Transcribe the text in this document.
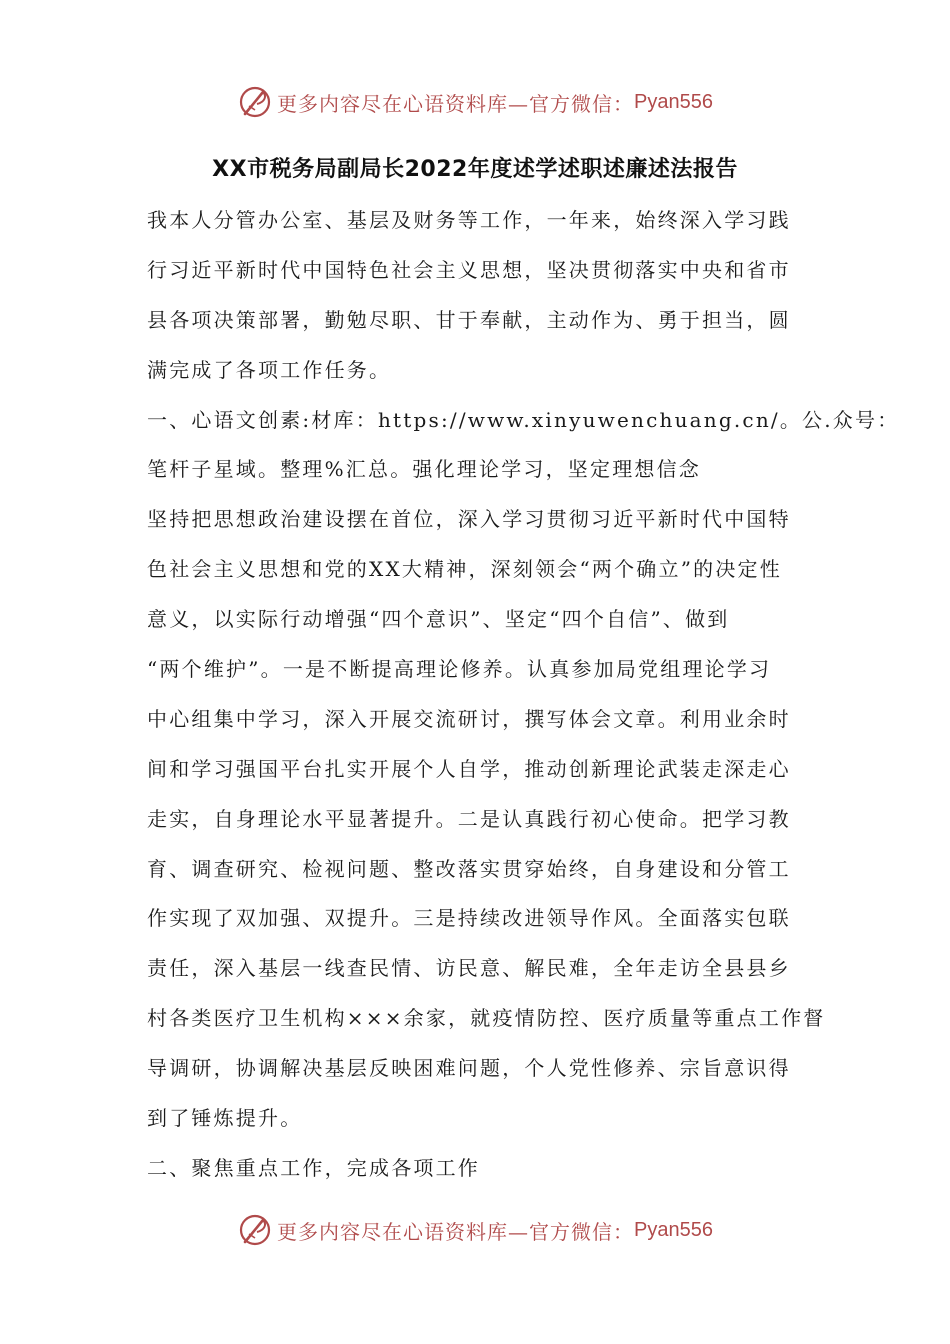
更多内容尽在心语资料库—官方微信： Pyan556
XX市税务局副局长2022年度述学述职述廉述法报告
我本人分管办公室、基层及财务等工作，一年来，始终深入学习践
行习近平新时代中国特色社会主义思想，坚决贯彻落实中央和省市
县各项决策部署，勤勉尽职、甘于奉献，主动作为、勇于担当，圆
满完成了各项工作任务。
一、心语文创素:材库：https://www.xinyuwenchuang.cn/。公.众号：
笔杆子星域。整理%汇总。强化理论学习，坚定理想信念
坚持把思想政治建设摆在首位，深入学习贯彻习近平新时代中国特
色社会主义思想和党的XX大精神，深刻领会“两个确立”的决定性
意义，以实际行动增强“四个意识”、坚定“四个自信”、做到
“两个维护”。一是不断提高理论修养。认真参加局党组理论学习
中心组集中学习，深入开展交流研讨，撰写体会文章。利用业余时
间和学习强国平台扎实开展个人自学，推动创新理论武装走深走心
走实，自身理论水平显著提升。二是认真践行初心使命。把学习教
育、调查研究、检视问题、整改落实贯穿始终，自身建设和分管工
作实现了双加强、双提升。三是持续改进领导作风。全面落实包联
责任，深入基层一线查民情、访民意、解民难，全年走访全县县乡
村各类医疗卫生机构×××余家，就疫情防控、医疗质量等重点工作督
导调研，协调解决基层反映困难问题，个人党性修养、宗旨意识得
到了锤炼提升。
二、聚焦重点工作，完成各项工作
更多内容尽在心语资料库—官方微信： Pyan556
